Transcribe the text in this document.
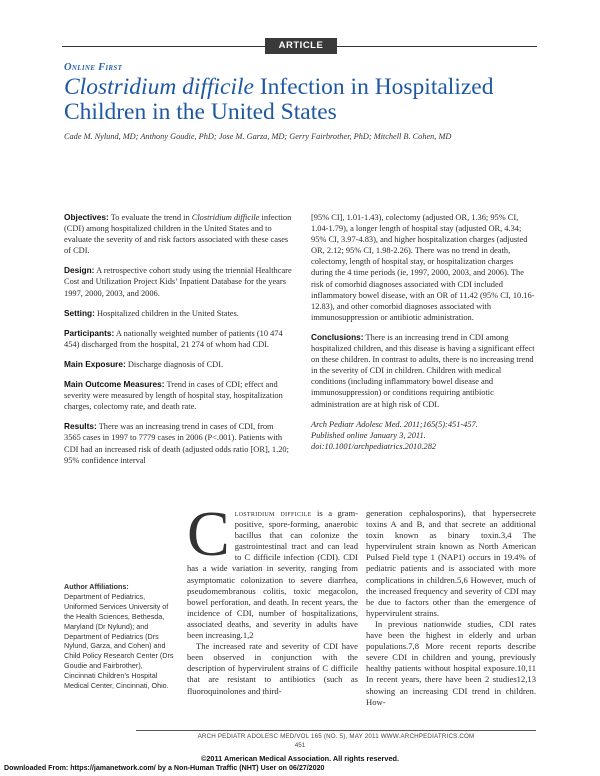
ARTICLE
Online First
Clostridium difficile Infection in Hospitalized Children in the United States
Cade M. Nylund, MD; Anthony Goudie, PhD; Jose M. Garza, MD; Gerry Fairbrother, PhD; Mitchell B. Cohen, MD

Objectives: To evaluate the trend in Clostridium difficile infection (CDI) among hospitalized children in the United States and to evaluate the severity of and risk factors associated with these cases of CDI.

Design: A retrospective cohort study using the triennial Healthcare Cost and Utilization Project Kids’ Inpatient Database for the years 1997, 2000, 2003, and 2006.

Setting: Hospitalized children in the United States.

Participants: A nationally weighted number of patients (10 474 454) discharged from the hospital, 21 274 of whom had CDI.

Main Exposure: Discharge diagnosis of CDI.

Main Outcome Measures: Trend in cases of CDI; effect and severity were measured by length of hospital stay, hospitalization charges, colectomy rate, and death rate.

Results: There was an increasing trend in cases of CDI, from 3565 cases in 1997 to 7779 cases in 2006 (P<.001). Patients with CDI had an increased risk of death (adjusted odds ratio [OR], 1.20; 95% confidence interval

[95% CI], 1.01-1.43), colectomy (adjusted OR, 1.36; 95% CI, 1.04-1.79), a longer length of hospital stay (adjusted OR, 4.34; 95% CI, 3.97-4.83), and higher hospitalization charges (adjusted OR, 2.12; 95% CI, 1.98-2.26). There was no trend in death, colectomy, length of hospital stay, or hospitalization charges during the 4 time periods (ie, 1997, 2000, 2003, and 2006). The risk of comorbid diagnoses associated with CDI included inflammatory bowel disease, with an OR of 11.42 (95% CI, 10.16-12.83), and other comorbid diagnoses associated with immunosuppression or antibiotic administration.

Conclusions: There is an increasing trend in CDI among hospitalized children, and this disease is having a significant effect on these children. In contrast to adults, there is no increasing trend in the severity of CDI in children. Children with medical conditions (including inflammatory bowel disease and immunosuppression) or conditions requiring antibiotic administration are at high risk of CDI.

Arch Pediatr Adolesc Med. 2011;165(5):451-457.
Published online January 3, 2011.
doi:10.1001/archpediatrics.2010.282

Author Affiliations:
Department of Pediatrics, Uniformed Services University of the Health Sciences, Bethesda, Maryland (Dr Nylund); and Department of Pediatrics (Drs Nylund, Garza, and Cohen) and Child Policy Research Center (Drs Goudie and Fairbrother), Cincinnati Children’s Hospital Medical Center, Cincinnati, Ohio.

C lostridium difficile is a gram-positive, spore-forming, anaerobic bacillus that can colonize the gastrointestinal tract and can lead to C difficile infection (CDI). CDI has a wide variation in severity, ranging from asymptomatic colonization to severe diarrhea, pseudomembranous colitis, toxic megacolon, bowel perforation, and death. In recent years, the incidence of CDI, number of hospitalizations, associated deaths, and severity in adults have been increasing.1,2

The increased rate and severity of CDI have been observed in conjunction with the description of hypervirulent strains of C difficile that are resistant to antibiotics (such as fluoroquinolones and third-

generation cephalosporins), that hypersecrete toxins A and B, and that secrete an additional toxin known as binary toxin.3,4 The hypervirulent strain known as North American Pulsed Field type 1 (NAP1) occurs in 19.4% of pediatric patients and is associated with more complications in children.5,6 However, much of the increased frequency and severity of CDI may be due to factors other than the emergence of hypervirulent strains.

In previous nationwide studies, CDI rates have been the highest in elderly and urban populations.7,8 More recent reports describe severe CDI in children and young, previously healthy patients without hospital exposure.10,11 In recent years, there have been 2 studies12,13 showing an increasing CDI trend in children. How-

ARCH PEDIATR ADOLESC MED/VOL 165 (NO. 5), MAY 2011 WWW.ARCHPEDIATRICS.COM
451
©2011 American Medical Association. All rights reserved.
Downloaded From: https://jamanetwork.com/ by a Non-Human Traffic (NHT) User on 06/27/2020
